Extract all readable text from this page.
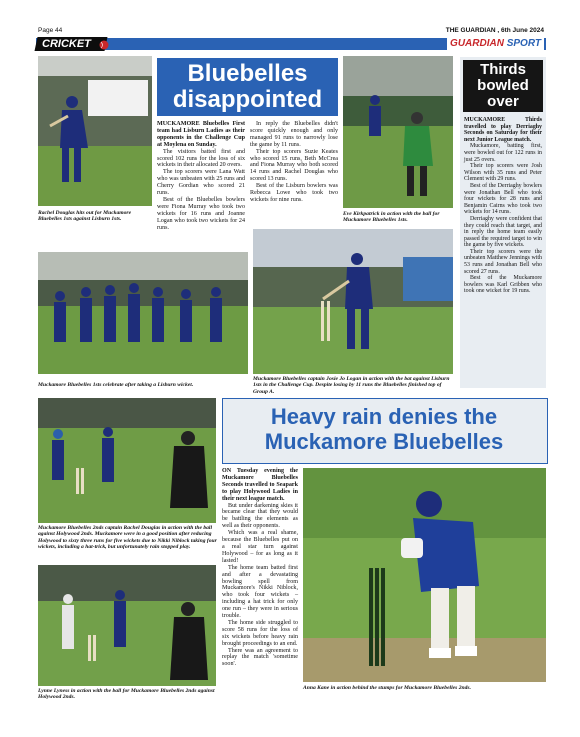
Page 44	THE GUARDIAN , 6th June 2024
CRICKET	GUARDIAN SPORT
Rachel Douglas hits out for Muckamore Bluebelles 1sts against Lisburn 1sts.
Bluebelles
disappointed

MUCKAMORE Bluebelles First team had Lisburn Ladies as their opponents in the Challenge Cup at Moylena on Sunday.

The visitors batted first and scored 102 runs for the loss of six wickets in their allocated 20 overs.

The top scorers were Lana Watt who was unbeaten with 25 runs and Cherry Gordian who scored 21 runs.

Best of the Bluebelles bowlers were Fiona Murray who took two wickets for 16 runs and Joanne Logan who took two wickets for 24 runs.

In reply the Bluebelles didn't score quickly enough and only managed 91 runs to narrowly lose the game by 11 runs.

Their top scorers Suzie Keates who scored 15 runs, Beth McCrea and Fiona Murray who both scored 14 runs and Rachel Douglas who scored 13 runs.

Best of the Lisburn bowlers was Rebecca Lowe who took two wickets for nine runs.

Eve Kirkpatrick in action with the ball for Muckamore Bluebelles 1sts.
Thirds
bowled
over

MUCKAMORE Thirds travelled to play Derriaghy Seconds on Saturday for their next Junior League match.

Muckamore, batting first, were bowled out for 122 runs in just 25 overs.

Their top scorers were Josh Wilson with 35 runs and Peter Clement with 29 runs.

Best of the Derriaghy bowlers were Jonathan Bell who took four wickets for 28 runs and Benjamin Cairns who took two wickets for 14 runs.

Derriaghy were confident that they could reach that target, and in reply the home team easily passed the required target to win the game by five wickets.

Their top scorers were the unbeaten Matthew Jennings with 53 runs and Jonathan Bell who scored 27 runs.

Best of the Muckamore bowlers was Karl Gribben who took one wicket for 19 runs.

Muckamore Bluebelles 1sts celebrate after taking a Lisburn wicket.
Muckamore Bluebelles captain Josie Jo Logan in action with the bat against Lisburn 1sts in the Challenge Cup. Despite losing by 11 runs the Bluebelles finished top of Group A.
Heavy rain denies the
Muckamore Bluebelles
Muckamore Bluebelles 2nds captain Rachel Douglas in action with the ball against Holywood 2nds. Muckamore were in a good position after reducing Holywood to sixty three runs for five wickets due to Nikki Niblock taking four wickets, including a hat-trick, but unfortunately rain stopped play.
Lynne Lyness in action with the ball for Muckamore Bluebelles 2nds against Holywood 2nds.

ON Tuesday evening the Muckamore Bluebelles Seconds travelled to Seapark to play Holywood Ladies in their next league match.

But under darkening skies it became clear that they would be battling the elements as well as their opponents.

Which was a real shame, because the Bluebelles put on a real star turn against Holywood – for as long as it lasted!

The home team batted first and after a devastating bowling spell from Muckamore's Nikki Niblock, who took four wickets – including a hat trick for only one run – they were in serious trouble.

The home side struggled to score 58 runs for the loss of six wickets before heavy rain brought proceedings to an end.

There was an agreement to replay the match 'sometime soon'.

Anna Kane in action behind the stumps for Muckamore Bluebelles 2nds.
